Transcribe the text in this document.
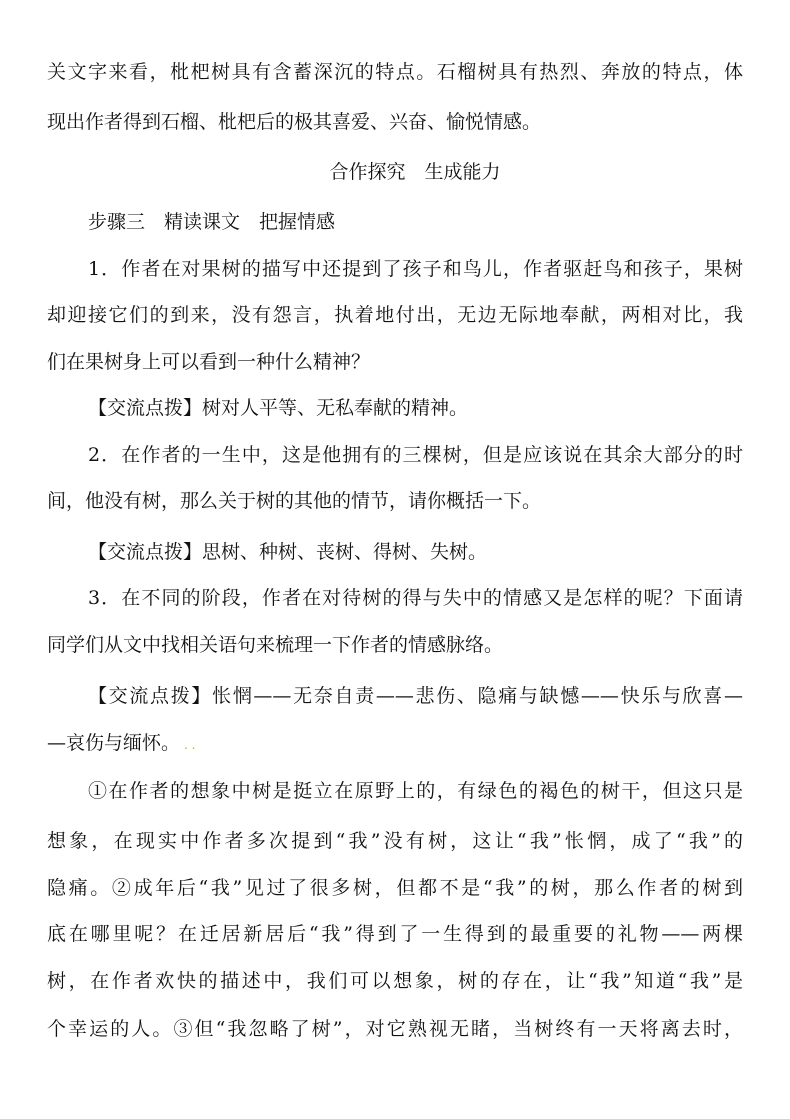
关文字来看，枇杷树具有含蓄深沉的特点。石榴树具有热烈、奔放的特点，体
现出作者得到石榴、枇杷后的极其喜爱、兴奋、愉悦情感。
合作探究　生成能力
步骤三　精读课文　把握情感
1．作者在对果树的描写中还提到了孩子和鸟儿，作者驱赶鸟和孩子，果树
却迎接它们的到来，没有怨言，执着地付出，无边无际地奉献，两相对比，我
们在果树身上可以看到一种什么精神？
【交流点拨】树对人平等、无私奉献的精神。
2．在作者的一生中，这是他拥有的三棵树，但是应该说在其余大部分的时
间，他没有树，那么关于树的其他的情节，请你概括一下。
【交流点拨】思树、种树、丧树、得树、失树。
3．在不同的阶段，作者在对待树的得与失中的情感又是怎样的呢？下面请
同学们从文中找相关语句来梳理一下作者的情感脉络。
【交流点拨】怅惘——无奈自责——悲伤、隐痛与缺憾——快乐与欣喜—
—哀伤与缅怀。 . .
①在作者的想象中树是挺立在原野上的，有绿色的褐色的树干，但这只是
想象，在现实中作者多次提到“我”没有树，这让“我”怅惘，成了“我”的
隐痛。②成年后“我”见过了很多树，但都不是“我”的树，那么作者的树到
底在哪里呢？在迁居新居后“我”得到了一生得到的最重要的礼物——两棵
树，在作者欢快的描述中，我们可以想象，树的存在，让“我”知道“我”是
个幸运的人。③但“我忽略了树”，对它熟视无睹，当树终有一天将离去时，
